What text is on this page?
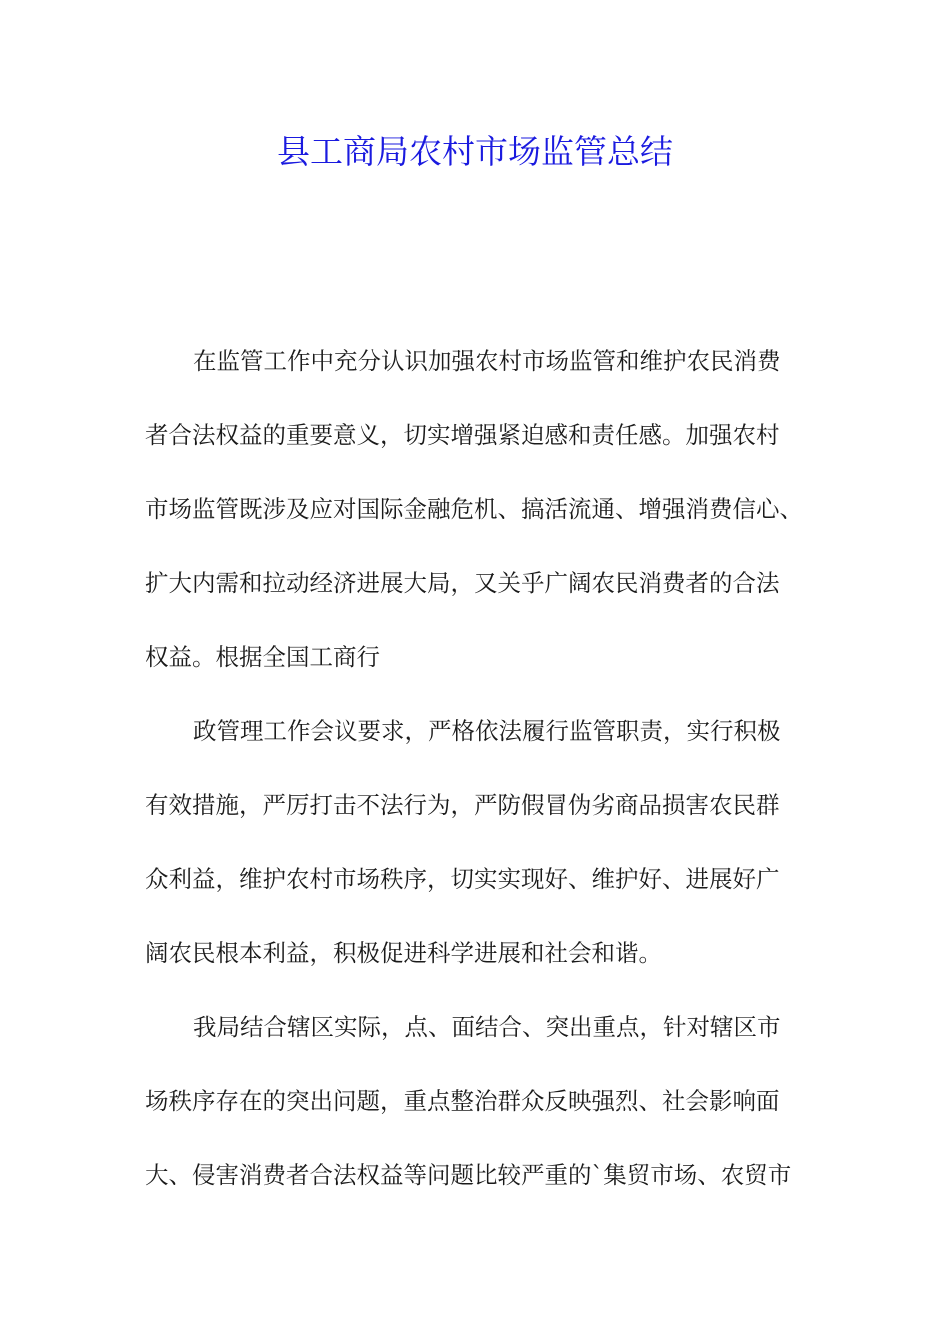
县工商局农村市场监管总结
在监管工作中充分认识加强农村市场监管和维护农民消费
者合法权益的重要意义，切实增强紧迫感和责任感。加强农村
市场监管既涉及应对国际金融危机、搞活流通、增强消费信心、
扩大内需和拉动经济进展大局，又关乎广阔农民消费者的合法
权益。根据全国工商行
政管理工作会议要求，严格依法履行监管职责，实行积极
有效措施，严厉打击不法行为，严防假冒伪劣商品损害农民群
众利益，维护农村市场秩序，切实实现好、维护好、进展好广
阔农民根本利益，积极促进科学进展和社会和谐。
我局结合辖区实际，点、面结合、突出重点，针对辖区市
场秩序存在的突出问题，重点整治群众反映强烈、社会影响面
大、侵害消费者合法权益等问题比较严重的`集贸市场、农贸市
